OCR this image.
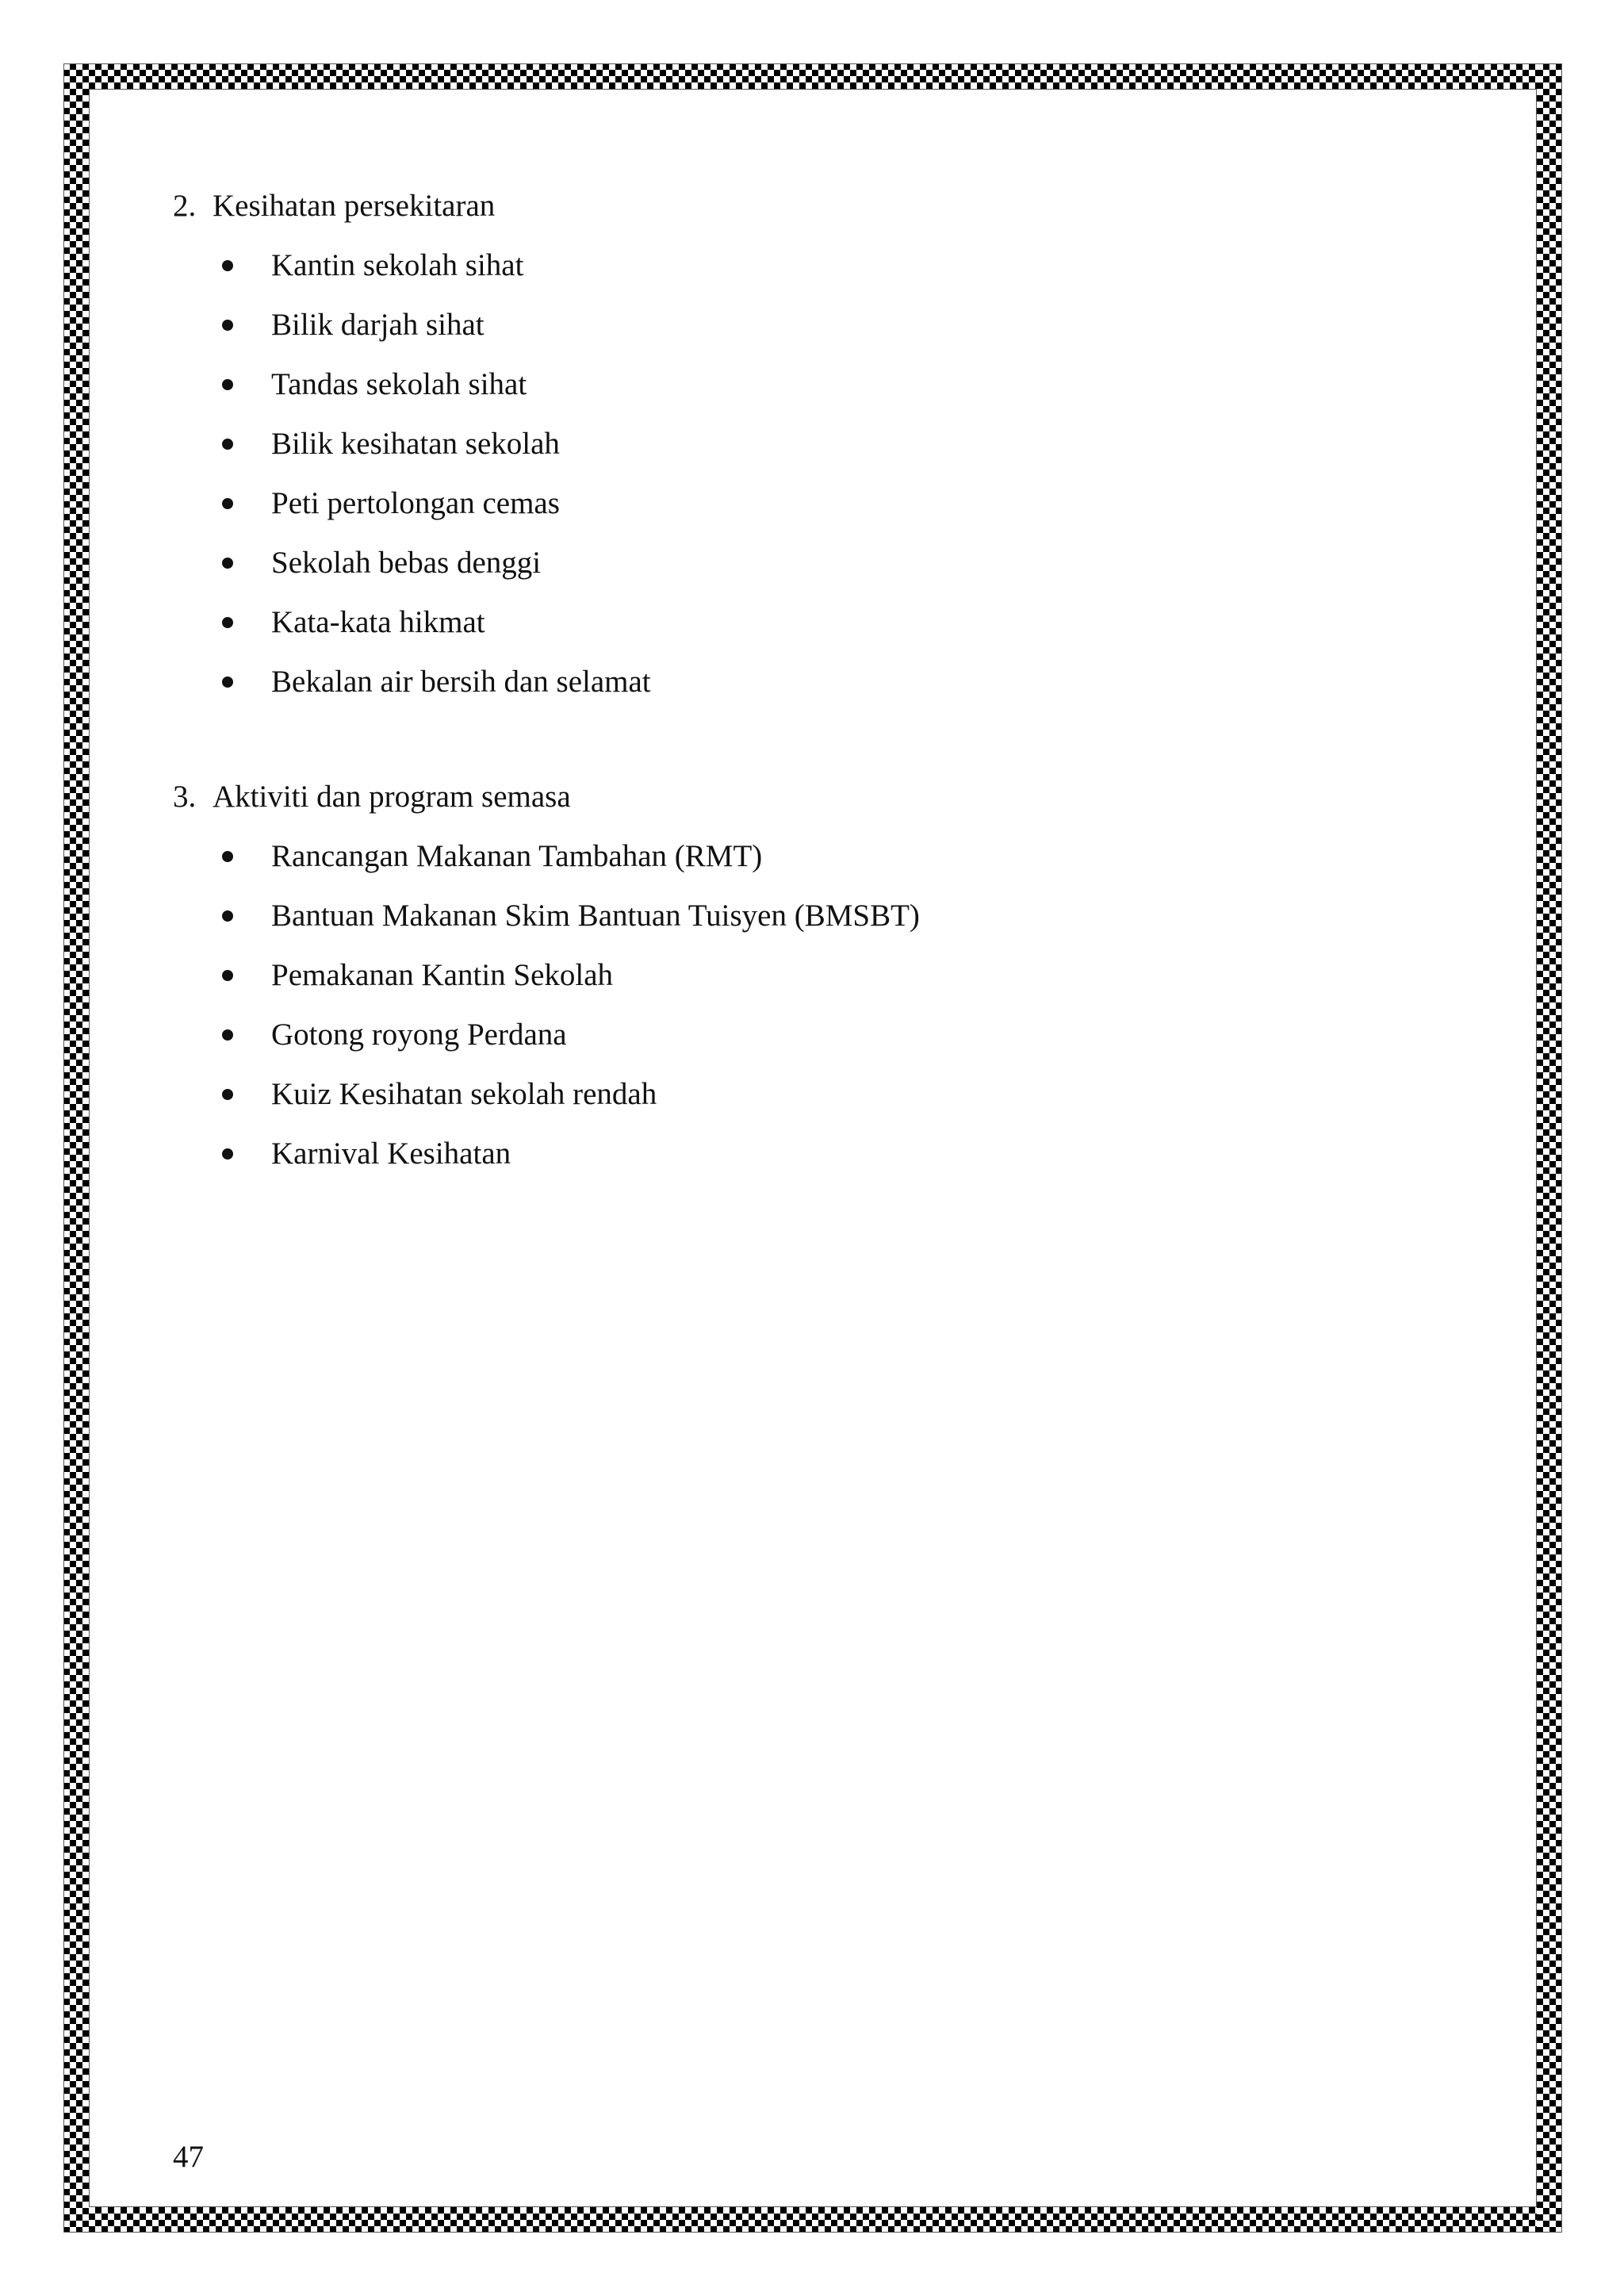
2. Kesihatan persekitaran
Kantin sekolah sihat
Bilik darjah sihat
Tandas sekolah sihat
Bilik kesihatan sekolah
Peti pertolongan cemas
Sekolah bebas denggi
Kata-kata hikmat
Bekalan air bersih dan selamat
3. Aktiviti dan program semasa
Rancangan Makanan Tambahan (RMT)
Bantuan Makanan Skim Bantuan Tuisyen (BMSBT)
Pemakanan Kantin Sekolah
Gotong royong Perdana
Kuiz Kesihatan sekolah rendah
Karnival Kesihatan
47
